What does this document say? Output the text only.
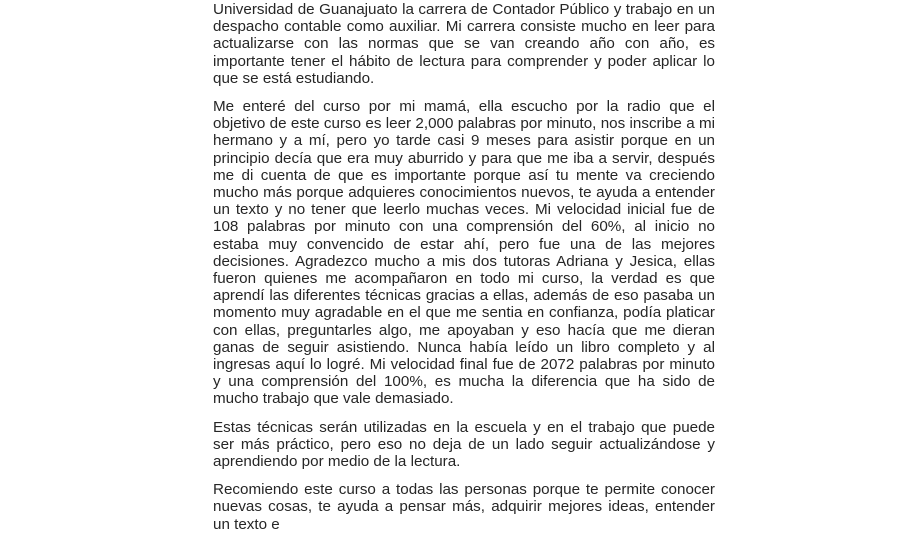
Universidad de Guanajuato la carrera de Contador Público y trabajo en un despacho contable como auxiliar. Mi carrera consiste mucho en leer para actualizarse con las normas que se van creando año con año, es importante tener el hábito de lectura para comprender y poder aplicar lo que se está estudiando.

Me enteré del curso por mi mamá, ella escucho por la radio que el objetivo de este curso es leer 2,000 palabras por minuto, nos inscribe a mi hermano y a mí, pero yo tarde casi 9 meses para asistir porque en un principio decía que era muy aburrido y para que me iba a servir, después me di cuenta de que es importante porque así tu mente va creciendo mucho más porque adquieres conocimientos nuevos, te ayuda a entender un texto y no tener que leerlo muchas veces. Mi velocidad inicial fue de 108 palabras por minuto con una comprensión del 60%, al inicio no estaba muy convencido de estar ahí, pero fue una de las mejores decisiones. Agradezco mucho a mis dos tutoras Adriana y Jesica, ellas fueron quienes me acompañaron en todo mi curso, la verdad es que aprendí las diferentes técnicas gracias a ellas, además de eso pasaba un momento muy agradable en el que me sentia en confianza, podía platicar con ellas, preguntarles algo, me apoyaban y eso hacía que me dieran ganas de seguir asistiendo. Nunca había leído un libro completo y al ingresas aquí lo logré. Mi velocidad final fue de 2072 palabras por minuto y una comprensión del 100%, es mucha la diferencia que ha sido de mucho trabajo que vale demasiado.

Estas técnicas serán utilizadas en la escuela y en el trabajo que puede ser más práctico, pero eso no deja de un lado seguir actualizándose y aprendiendo por medio de la lectura.

Recomiendo este curso a todas las personas porque te permite conocer nuevas cosas, te ayuda a pensar más, adquirir mejores ideas, entender un texto e
